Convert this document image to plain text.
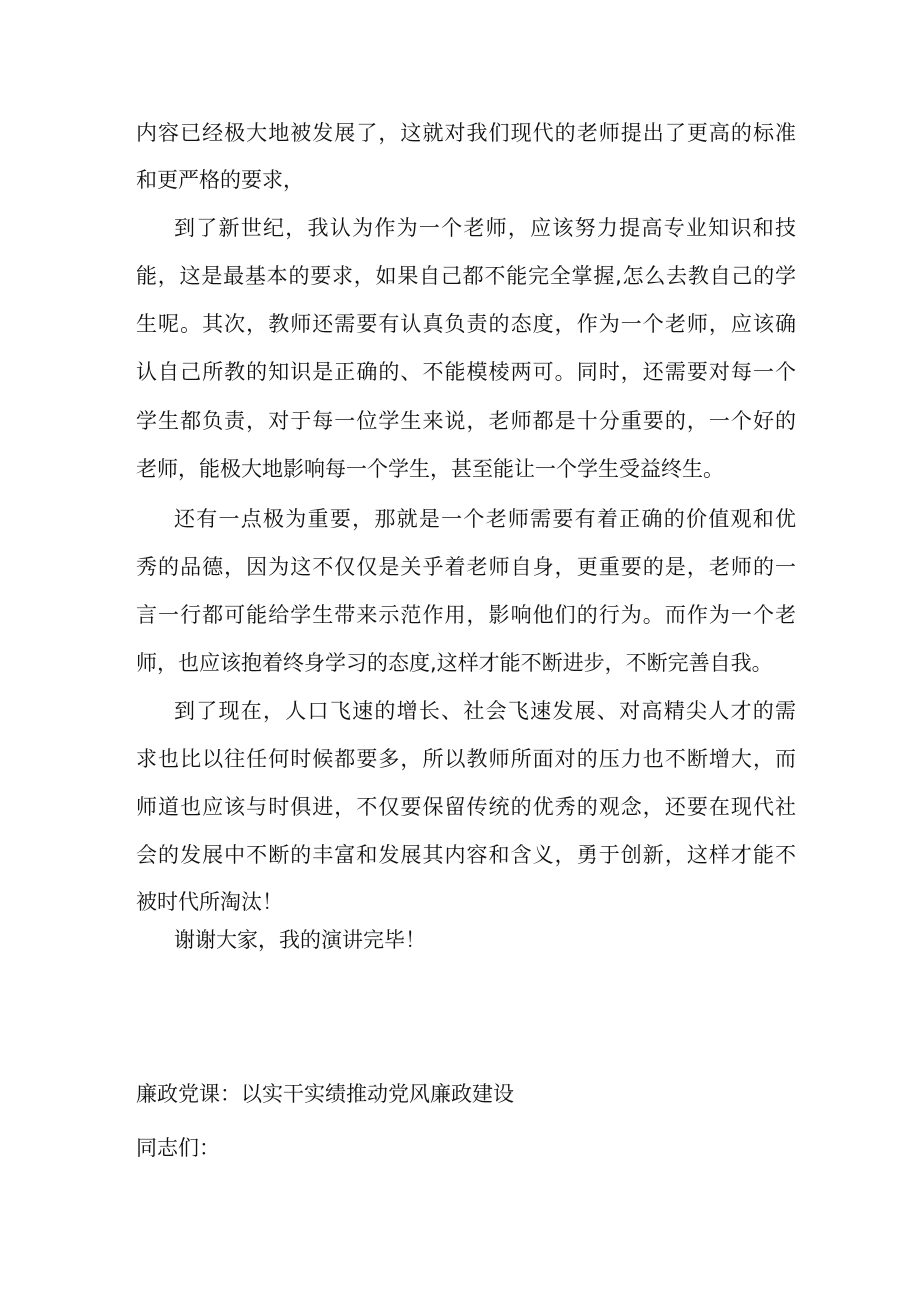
内容已经极大地被发展了，这就对我们现代的老师提出了更高的标准
和更严格的要求，
到了新世纪，我认为作为一个老师，应该努力提高专业知识和技
能，这是最基本的要求，如果自己都不能完全掌握,怎么去教自己的学
生呢。其次，教师还需要有认真负责的态度，作为一个老师，应该确
认自己所教的知识是正确的、不能模棱两可。同时，还需要对每一个
学生都负责，对于每一位学生来说，老师都是十分重要的，一个好的
老师，能极大地影响每一个学生，甚至能让一个学生受益终生。
还有一点极为重要，那就是一个老师需要有着正确的价值观和优
秀的品德，因为这不仅仅是关乎着老师自身，更重要的是，老师的一
言一行都可能给学生带来示范作用，影响他们的行为。而作为一个老
师，也应该抱着终身学习的态度,这样才能不断进步，不断完善自我。
到了现在，人口飞速的增长、社会飞速发展、对高精尖人才的需
求也比以往任何时候都要多，所以教师所面对的压力也不断增大，而
师道也应该与时俱进，不仅要保留传统的优秀的观念，还要在现代社
会的发展中不断的丰富和发展其内容和含义，勇于创新，这样才能不
被时代所淘汰！
谢谢大家，我的演讲完毕！
廉政党课：以实干实绩推动党风廉政建设
同志们：
